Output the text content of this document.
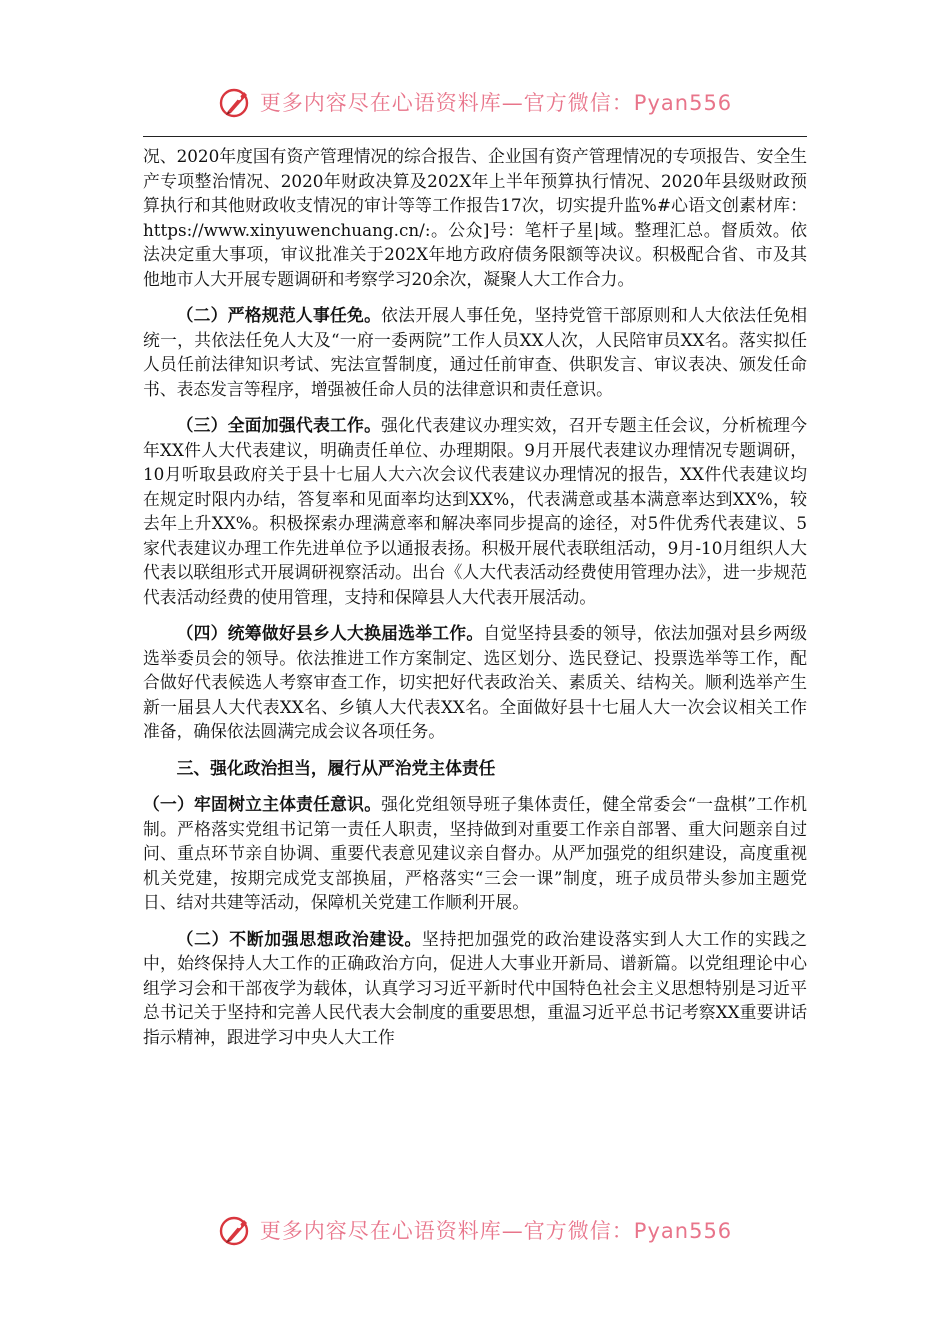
更多内容尽在心语资料库—官方微信：Pyan556

况、2020年度国有资产管理情况的综合报告、企业国有资产管理情况的专项报告、安全生产专项整治情况、2020年财政决算及202X年上半年预算执行情况、2020年县级财政预算执行和其他财政收支情况的审计等等工作报告17次，切实提升监%#心语文创素材库：https://www.xinyuwenchuang.cn/:。公众]号：笔杆子星|域。整理汇总。督质效。依法决定重大事项，审议批准关于202X年地方政府债务限额等决议。积极配合省、市及其他地市人大开展专题调研和考察学习20余次，凝聚人大工作合力。

（二）严格规范人事任免。依法开展人事任免，坚持党管干部原则和人大依法任免相统一，共依法任免人大及“一府一委两院”工作人员XX人次，人民陪审员XX名。落实拟任人员任前法律知识考试、宪法宣誓制度，通过任前审查、供职发言、审议表决、颁发任命书、表态发言等程序，增强被任命人员的法律意识和责任意识。

（三）全面加强代表工作。强化代表建议办理实效，召开专题主任会议，分析梳理今年XX件人大代表建议，明确责任单位、办理期限。9月开展代表建议办理情况专题调研，10月听取县政府关于县十七届人大六次会议代表建议办理情况的报告，XX件代表建议均在规定时限内办结，答复率和见面率均达到XX%，代表满意或基本满意率达到XX%，较去年上升XX%。积极探索办理满意率和解决率同步提高的途径，对5件优秀代表建议、5家代表建议办理工作先进单位予以通报表扬。积极开展代表联组活动，9月-10月组织人大代表以联组形式开展调研视察活动。出台《人大代表活动经费使用管理办法》，进一步规范代表活动经费的使用管理，支持和保障县人大代表开展活动。

（四）统筹做好县乡人大换届选举工作。自觉坚持县委的领导，依法加强对县乡两级选举委员会的领导。依法推进工作方案制定、选区划分、选民登记、投票选举等工作，配合做好代表候选人考察审查工作，切实把好代表政治关、素质关、结构关。顺利选举产生新一届县人大代表XX名、乡镇人大代表XX名。全面做好县十七届人大一次会议相关工作准备，确保依法圆满完成会议各项任务。

三、强化政治担当，履行从严治党主体责任

（一）牢固树立主体责任意识。强化党组领导班子集体责任，健全常委会“一盘棋”工作机制。严格落实党组书记第一责任人职责，坚持做到对重要工作亲自部署、重大问题亲自过问、重点环节亲自协调、重要代表意见建议亲自督办。从严加强党的组织建设，高度重视机关党建，按期完成党支部换届，严格落实“三会一课”制度，班子成员带头参加主题党日、结对共建等活动，保障机关党建工作顺利开展。

（二）不断加强思想政治建设。坚持把加强党的政治建设落实到人大工作的实践之中，始终保持人大工作的正确政治方向，促进人大事业开新局、谱新篇。以党组理论中心组学习会和干部夜学为载体，认真学习习近平新时代中国特色社会主义思想特别是习近平总书记关于坚持和完善人民代表大会制度的重要思想，重温习近平总书记考察XX重要讲话指示精神，跟进学习中央人大工作

更多内容尽在心语资料库—官方微信：Pyan556
